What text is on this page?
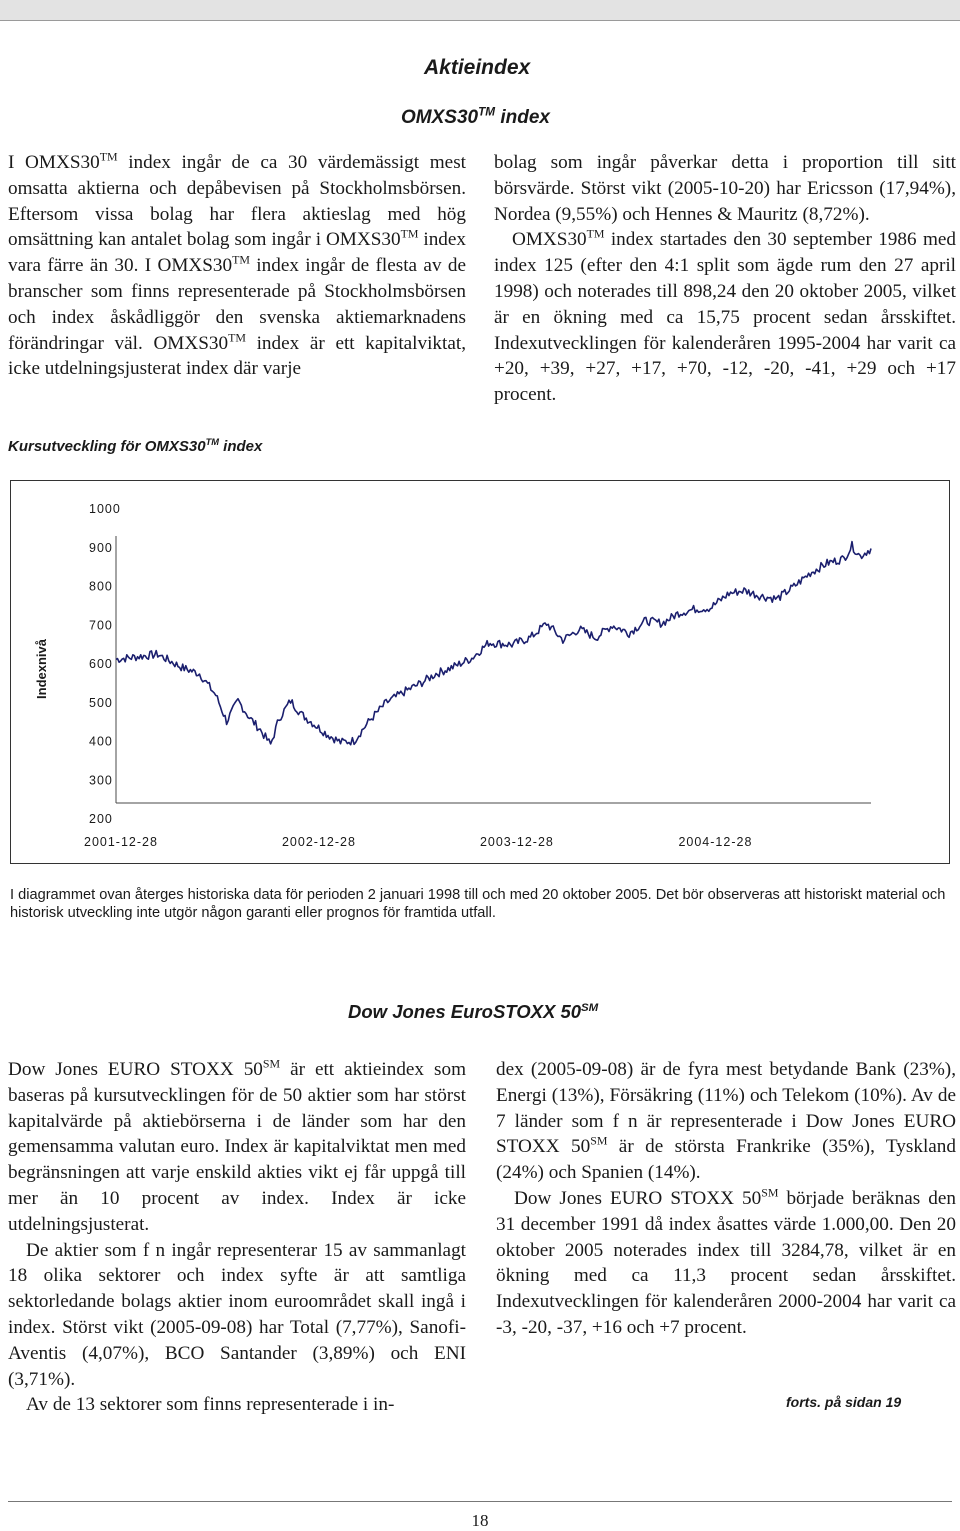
Aktieindex
OMXS30™ index

I OMXS30™ index ingår de ca 30 värdemässigt mest omsatta aktierna och depåbevisen på Stockholmsbörsen. Eftersom vissa bolag har flera aktieslag med hög omsättning kan antalet bolag som ingår i OMXS30™ index vara färre än 30. I OMXS30™ index ingår de flesta av de branscher som finns representerade på Stockholmsbörsen och index åskådliggör den svenska aktiemarknadens förändringar väl. OMXS30™ index är ett kapitalviktat, icke utdelningsjusterat index där varje

bolag som ingår påverkar detta i proportion till sitt börsvärde. Störst vikt (2005-10-20) har Ericsson (17,94%), Nordea (9,55%) och Hennes & Mauritz (8,72%).

OMXS30™ index startades den 30 september 1986 med index 125 (efter den 4:1 split som ägde rum den 27 april 1998) och noterades till 898,24 den 20 oktober 2005, vilket är en ökning med ca 15,75 procent sedan årsskiftet. Indexutvecklingen för kalenderåren 1995-2004 har varit ca +20, +39, +27, +17, +70, -12, -20, -41, +29 och +17 procent.

Kursutveckling för OMXS30™ index
Indexnivå
1000
900
800
700
600
500
400
300
200
2001-12-28	2002-12-28	2003-12-28	2004-12-28
I diagrammet ovan återges historiska data för perioden 2 januari 1998 till och med 20 oktober 2005. Det bör observeras att historiskt material och historisk utveckling inte utgör någon garanti eller prognos för framtida utfall.
Dow Jones EuroSTOXX 50℠

Dow Jones EURO STOXX 50℠ är ett aktieindex som baseras på kursutvecklingen för de 50 aktier som har störst kapitalvärde på aktiebörserna i de länder som har den gemensamma valutan euro. Index är kapitalviktat men med begränsningen att varje enskild akties vikt ej får uppgå till mer än 10 procent av index. Index är icke utdelningsjusterat.

De aktier som f n ingår representerar 15 av sammanlagt 18 olika sektorer och index syfte är att samtliga sektorledande bolags aktier inom euroområdet skall ingå i index. Störst vikt (2005-09-08) har Total (7,77%), Sanofi-Aventis (4,07%), BCO Santander (3,89%) och ENI (3,71%).

Av de 13 sektorer som finns representerade i in-

dex (2005-09-08) är de fyra mest betydande Bank (23%), Energi (13%), Försäkring (11%) och Telekom (10%). Av de 7 länder som f n är representerade i Dow Jones EURO STOXX 50℠ är de största Frankrike (35%), Tyskland (24%) och Spanien (14%).

Dow Jones EURO STOXX 50℠ började beräknas den 31 december 1991 då index åsattes värde 1.000,00. Den 20 oktober 2005 noterades index till 3284,78, vilket är en ökning med ca 11,3 procent sedan årsskiftet. Indexutvecklingen för kalenderåren 2000-2004 har varit ca -3, -20, -37, +16 och +7 procent.

forts. på sidan 19
18
